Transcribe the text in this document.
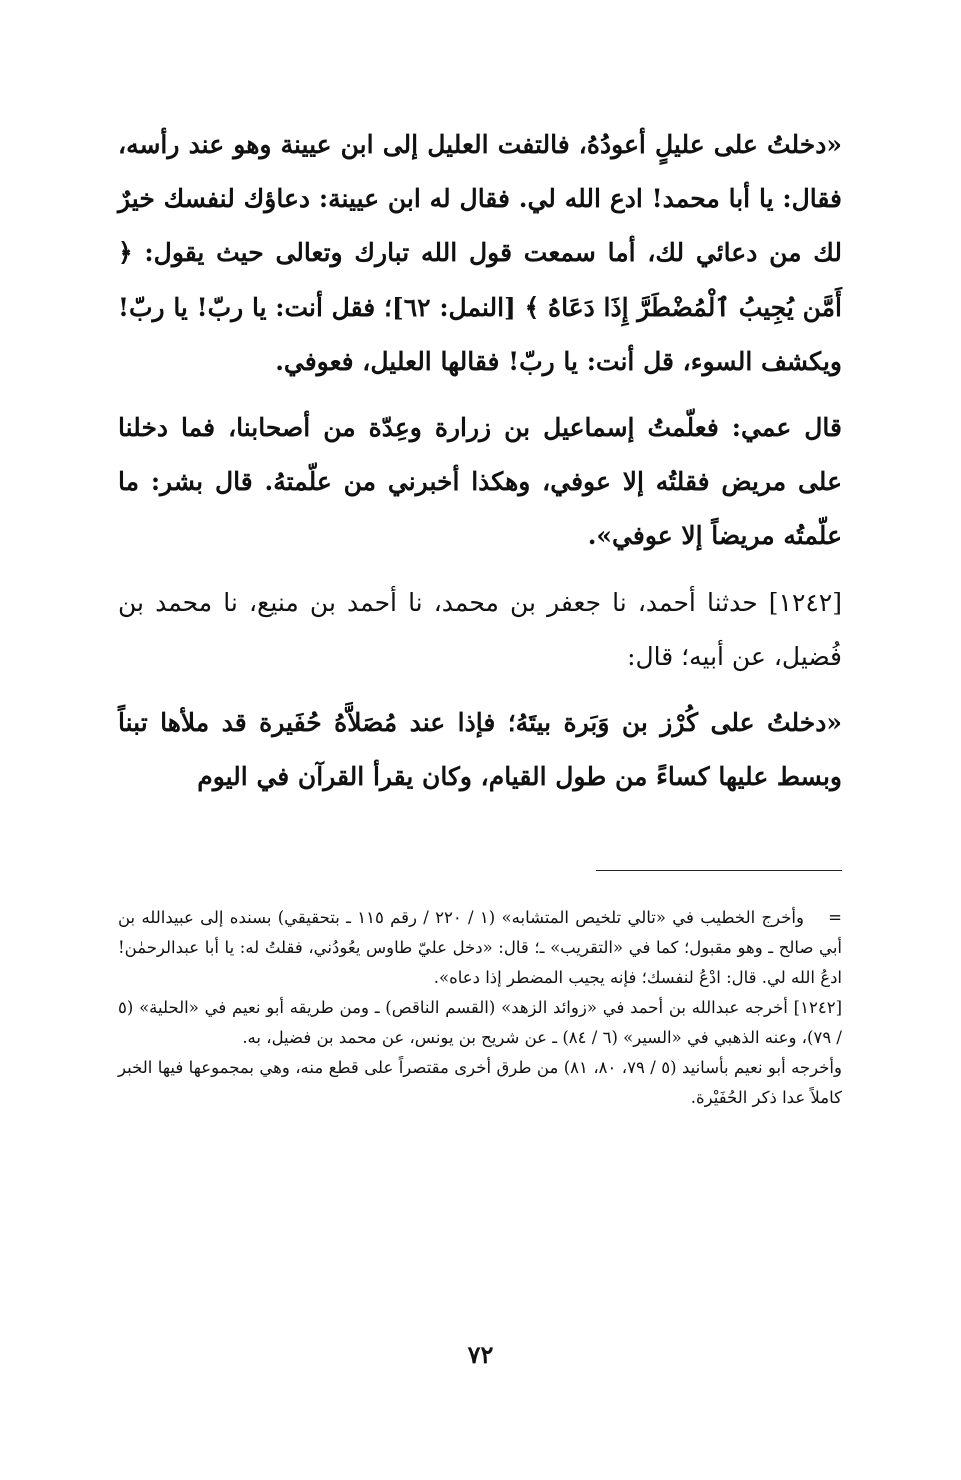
«دخلتُ على عليلٍ أعودُهُ، فالتفت العليل إلى ابن عيينة وهو عند رأسه، فقال: يا أبا محمد! ادع الله لي. فقال له ابن عيينة: دعاؤك لنفسك خيرٌ لك من دعائي لك، أما سمعت قول الله تبارك وتعالى حيث يقول: ﴿ أَمَّن يُجِيبُ ٱلْمُضْطَرَّ إِذَا دَعَاهُ ﴾ [النمل: ٦٢]؛ فقل أنت: يا ربّ! يا ربّ! ويكشف السوء، قل أنت: يا ربّ! فقالها العليل، فعوفي.

قال عمي: فعلّمتُ إسماعيل بن زرارة وعِدّة من أصحابنا، فما دخلنا على مريض فقلتُه إلا عوفي، وهكذا أخبرني من علّمتهُ. قال بشر: ما علّمتُه مريضاً إلا عوفي».

[١٢٤٢] حدثنا أحمد، نا جعفر بن محمد، نا أحمد بن منيع، نا محمد بن فُضيل، عن أبيه؛ قال:

«دخلتُ على كُرْز بن وَبَرة بيتَهُ؛ فإذا عند مُصَلاَّهُ حُفَيرة قد ملأها تبناً وبسط عليها كساءً من طول القيام، وكان يقرأ القرآن في اليوم

=وأخرج الخطيب في «تالي تلخيص المتشابه» (١ / ٢٢٠ / رقم ١١٥ ـ بتحقيقي) بسنده إلى عبيدالله بن أبي صالح ـ وهو مقبول؛ كما في «التقريب» ـ؛ قال: «دخل عليّ طاوس يعُودُني، فقلتُ له: يا أبا عبدالرحمٰن! ادعُ الله لي. قال: ادْعُ لنفسك؛ فإنه يجيب المضطر إذا دعاه».

[١٢٤٢] أخرجه عبدالله بن أحمد في «زوائد الزهد» (القسم الناقص) ـ ومن طريقه أبو نعيم في «الحلية» (٥ / ٧٩)، وعنه الذهبي في «السير» (٦ / ٨٤) ـ عن شريح بن يونس، عن محمد بن فضيل، به.

وأخرجه أبو نعيم بأسانيد (٥ / ٧٩، ٨٠، ٨١) من طرق أخرى مقتصراً على قطع منه، وهي بمجموعها فيها الخبر كاملاً عدا ذكر الحُفَيْرة.

٧٢
